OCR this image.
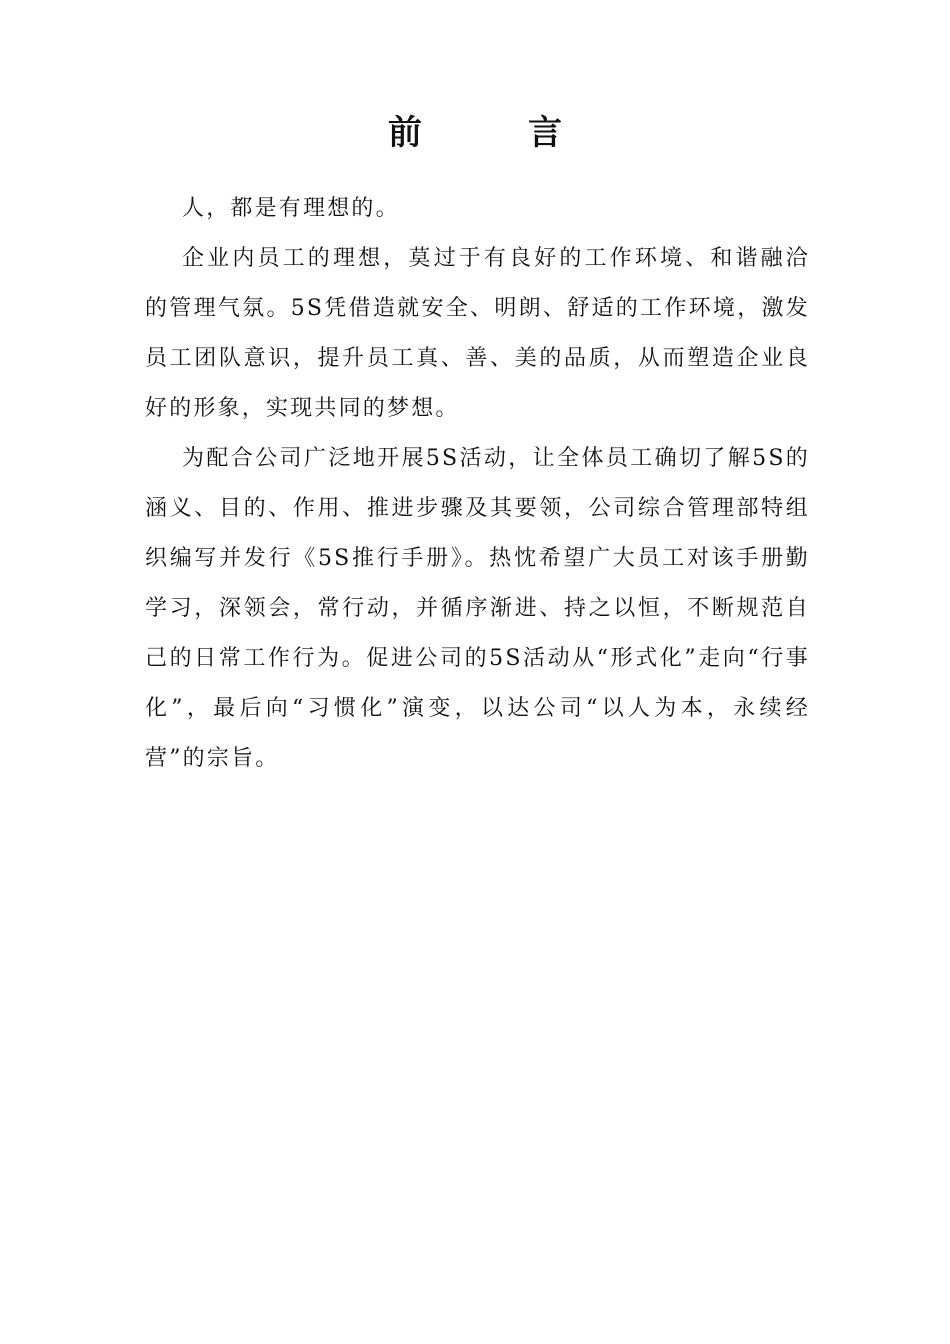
前　言

人，都是有理想的。

企业内员工的理想，莫过于有良好的工作环境、和谐融洽的管理气氛。5S凭借造就安全、明朗、舒适的工作环境，激发员工团队意识，提升员工真、善、美的品质，从而塑造企业良好的形象，实现共同的梦想。

为配合公司广泛地开展5S活动，让全体员工确切了解5S的涵义、目的、作用、推进步骤及其要领，公司综合管理部特组织编写并发行《5S推行手册》。热忱希望广大员工对该手册勤学习，深领会，常行动，并循序渐进、持之以恒，不断规范自己的日常工作行为。促进公司的5S活动从“形式化”走向“行事化”，最后向“习惯化”演变，以达公司“以人为本，永续经营”的宗旨。
